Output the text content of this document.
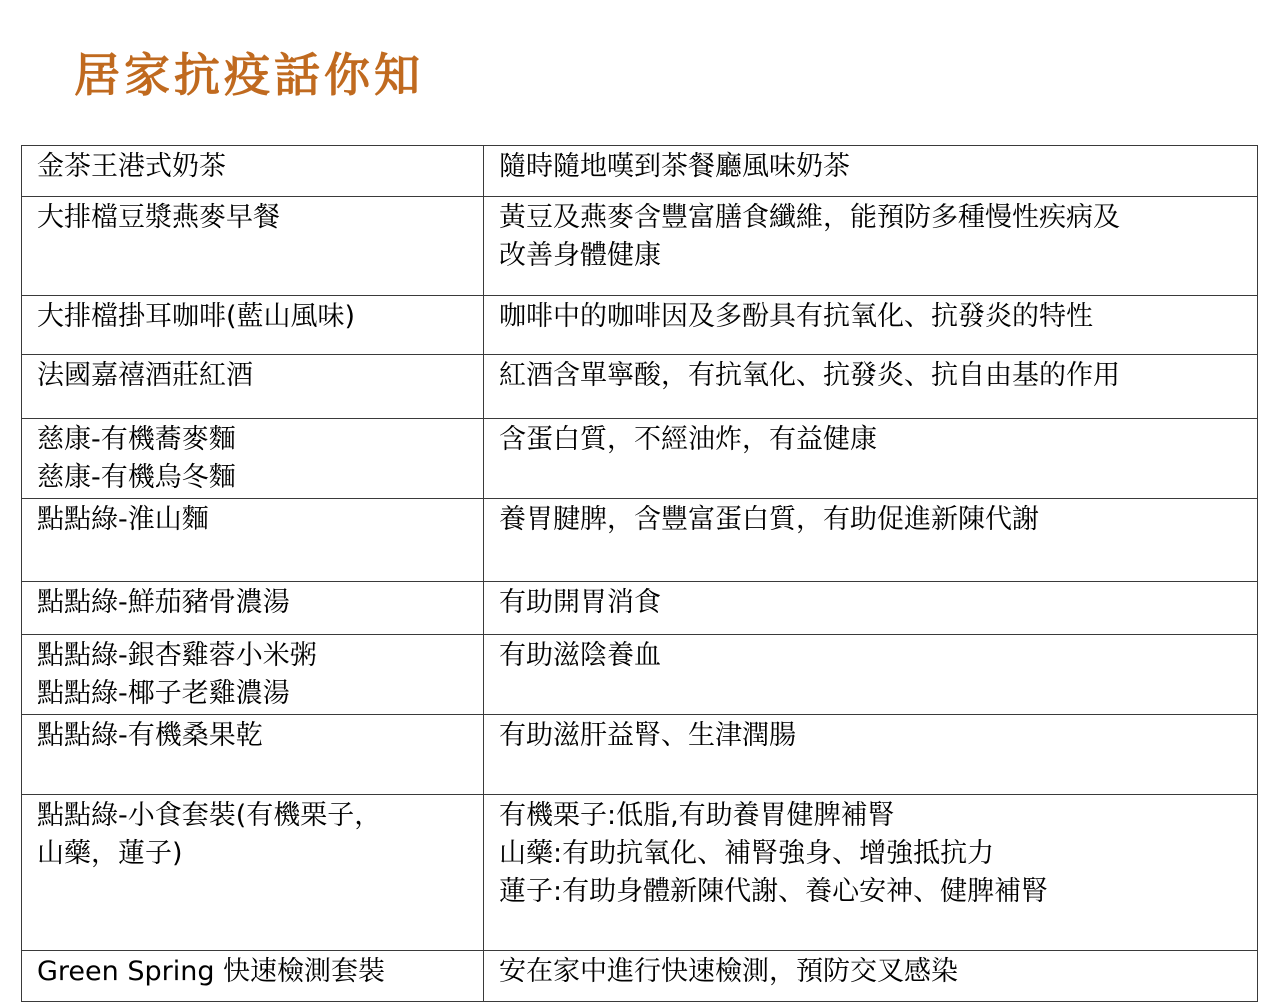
居家抗疫話你知
金茶王港式奶茶	隨時隨地嘆到茶餐廳風味奶茶

大排檔豆漿燕麥早餐	黃豆及燕麥含豐富膳食纖維，能預防多種慢性疾病及
改善身體健康

大排檔掛耳咖啡(藍山風味)	咖啡中的咖啡因及多酚具有抗氧化、抗發炎的特性

法國嘉禧酒莊紅酒	紅酒含單寧酸，有抗氧化、抗發炎、抗自由基的作用

慈康-有機蕎麥麵
慈康-有機烏冬麵	含蛋白質，不經油炸，有益健康

點點綠-淮山麵	養胃腱脾，含豐富蛋白質，有助促進新陳代謝

點點綠-鮮茄豬骨濃湯	有助開胃消食

點點綠-銀杏雞蓉小米粥
點點綠-椰子老雞濃湯	有助滋陰養血

點點綠-有機桑果乾	有助滋肝益腎、生津潤腸

點點綠-小食套裝(有機栗子，
山藥，蓮子)	有機栗子:低脂,有助養胃健脾補腎
山藥:有助抗氧化、補腎強身、增強抵抗力
蓮子:有助身體新陳代謝、養心安神、健脾補腎

Green Spring 快速檢測套裝	安在家中進行快速檢測，預防交叉感染
